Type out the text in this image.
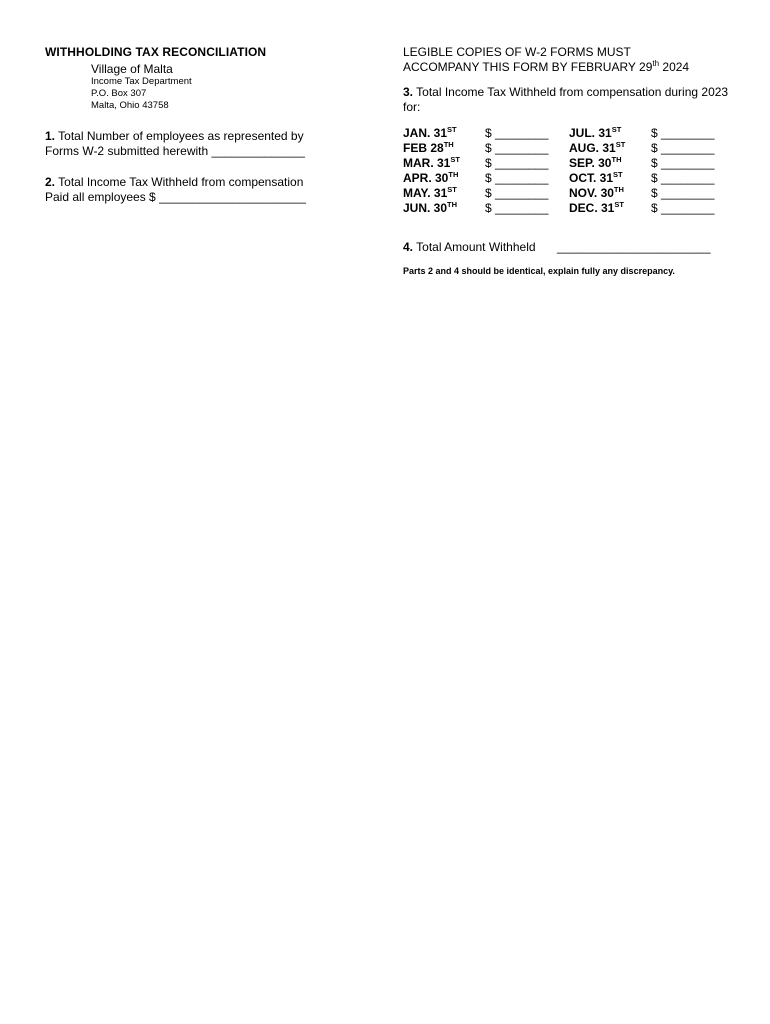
WITHHOLDING TAX RECONCILIATION
Village of Malta
Income Tax Department
P.O. Box 307
Malta, Ohio 43758
1. Total Number of employees as represented by
Forms W-2 submitted herewith ______________
2. Total Income Tax Withheld from compensation
Paid all employees $ ______________________
LEGIBLE COPIES OF W-2 FORMS MUST
ACCOMPANY THIS FORM BY FEBRUARY 29th 2024
3. Total Income Tax Withheld from compensation during 2023 for:
JAN. 31ST $ ________ JUL. 31ST $ ________
FEB 28TH	$ ________ AUG. 31ST $ ________
MAR. 31ST $ ________ SEP. 30TH $ ________
APR. 30TH $ ________ OCT. 31ST $ ________
MAY. 31ST $ ________ NOV. 30TH $ ________
JUN. 30TH $ ________ DEC. 31ST $ ________
4. Total Amount Withheld _______________________
Parts 2 and 4 should be identical, explain fully any discrepancy.
